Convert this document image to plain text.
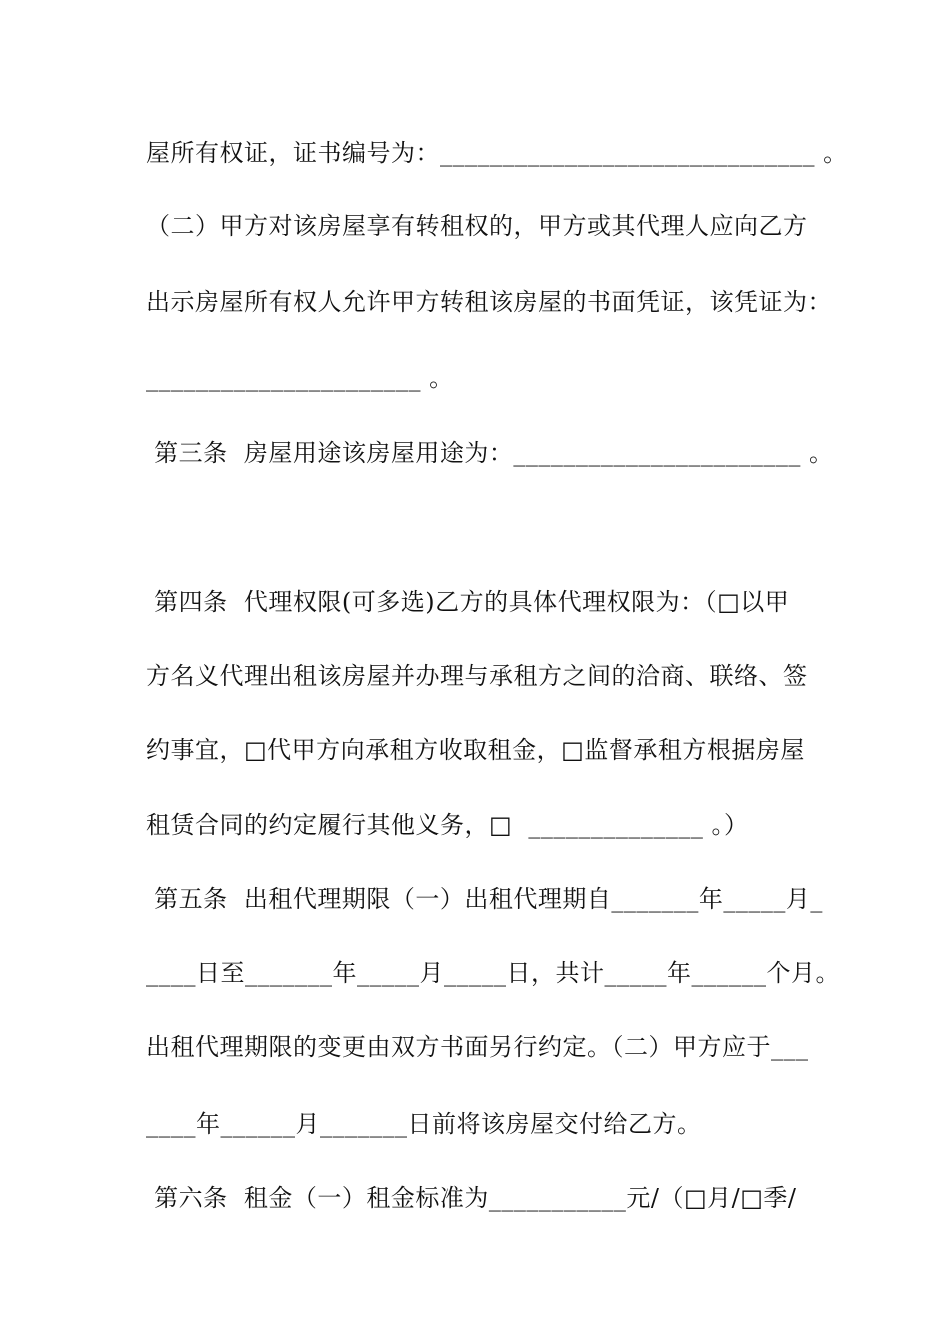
屋所有权证，证书编号为：______________________________ 。
（二）甲方对该房屋享有转租权的，甲方或其代理人应向乙方
出示房屋所有权人允许甲方转租该房屋的书面凭证，该凭证为：
______________________ 。
第三条  房屋用途该房屋用途为：_______________________ 。
第四条  代理权限(可多选)乙方的具体代理权限为：（□以甲
方名义代理出租该房屋并办理与承租方之间的洽商、联络、签
约事宜，□代甲方向承租方收取租金，□监督承租方根据房屋
租赁合同的约定履行其他义务，□  ______________ 。）
第五条  出租代理期限（一）出租代理期自_______年_____月_
____日至_______年_____月_____日，共计_____年______个月。
出租代理期限的变更由双方书面另行约定。（二）甲方应于___
____年______月_______日前将该房屋交付给乙方。
第六条  租金（一）租金标准为___________元/（□月/□季/
